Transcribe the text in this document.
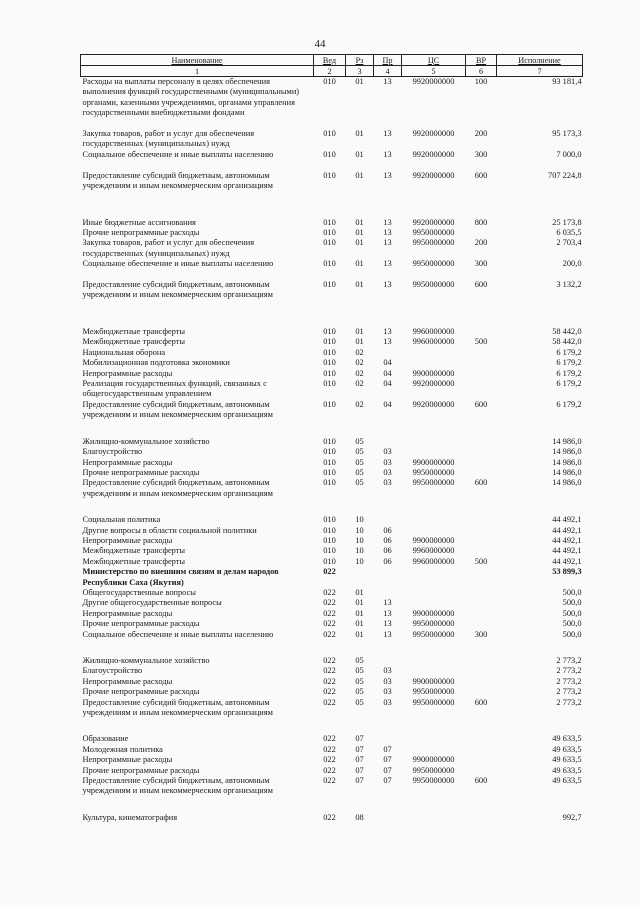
44
Наименование	Вед	Рз	Пр	ЦС	ВР	Исполнение
1	2	3	4	5	6	7
Расходы на выплаты персоналу в целях обеспечения выполнения функций государственными (муниципальными) органами, казенными учреждениями, органами управления государственными внебюджетными фондами	010	01	13	9920000000	100	93 181,4
Закупка товаров, работ и услуг для обеспечения государственных (муниципальных) нужд	010	01	13	9920000000	200	95 173,3
Социальное обеспечение и иные выплаты населению	010	01	13	9920000000	300	7 000,0
Предоставление субсидий бюджетным, автономным учреждениям и иным некоммерческим организациям	010	01	13	9920000000	600	707 224,8

Иные бюджетные ассигнования	010	01	13	9920000000	800	25 173,8
Прочие непрограммные расходы	010	01	13	9950000000		6 035,5
Закупка товаров, работ и услуг для обеспечения государственных (муниципальных) нужд	010	01	13	9950000000	200	2 703,4
Социальное обеспечение и иные выплаты населению	010	01	13	9950000000	300	200,0
Предоставление субсидий бюджетным, автономным учреждениям и иным некоммерческим организациям	010	01	13	9950000000	600	3 132,2

Межбюджетные трансферты	010	01	13	9960000000		58 442,0
Межбюджетные трансферты	010	01	13	9960000000	500	58 442,0
Национальная оборона	010	02				6 179,2
Мобилизационная подготовка экономики	010	02	04			6 179,2
Непрограммные расходы	010	02	04	9900000000		6 179,2
Реализация государственных функций, связанных с общегосударственным управлением	010	02	04	9920000000		6 179,2
Предоставление субсидий бюджетным, автономным учреждениям и иным некоммерческим организациям	010	02	04	9920000000	600	6 179,2

Жилищно-коммунальное хозяйство	010	05				14 986,0
Благоустройство	010	05	03			14 986,0
Непрограммные расходы	010	05	03	9900000000		14 986,0
Прочие непрограммные расходы	010	05	03	9950000000		14 986,0
Предоставление субсидий бюджетным, автономным учреждениям и иным некоммерческим организациям	010	05	03	9950000000	600	14 986,0

Социальная политика	010	10				44 492,1
Другие вопросы в области социальной политики	010	10	06			44 492,1
Непрограммные расходы	010	10	06	9900000000		44 492,1
Межбюджетные трансферты	010	10	06	9960000000		44 492,1
Межбюджетные трансферты	010	10	06	9960000000	500	44 492,1
Министерство по внешним связям и делам народов Республики Саха (Якутия)	022					53 899,3
Общегосударственные вопросы	022	01				500,0
Другие общегосударственные вопросы	022	01	13			500,0
Непрограммные расходы	022	01	13	9900000000		500,0
Прочие непрограммные расходы	022	01	13	9950000000		500,0
Социальное обеспечение и иные выплаты населению	022	01	13	9950000000	300	500,0

Жилищно-коммунальное хозяйство	022	05				2 773,2
Благоустройство	022	05	03			2 773,2
Непрограммные расходы	022	05	03	9900000000		2 773,2
Прочие непрограммные расходы	022	05	03	9950000000		2 773,2
Предоставление субсидий бюджетным, автономным учреждениям и иным некоммерческим организациям	022	05	03	9950000000	600	2 773,2

Образование	022	07				49 633,5
Молодежная политика	022	07	07			49 633,5
Непрограммные расходы	022	07	07	9900000000		49 633,5
Прочие непрограммные расходы	022	07	07	9950000000		49 633,5
Предоставление субсидий бюджетным, автономным учреждениям и иным некоммерческим организациям	022	07	07	9950000000	600	49 633,5

Культура, кинематография	022	08				992,7
